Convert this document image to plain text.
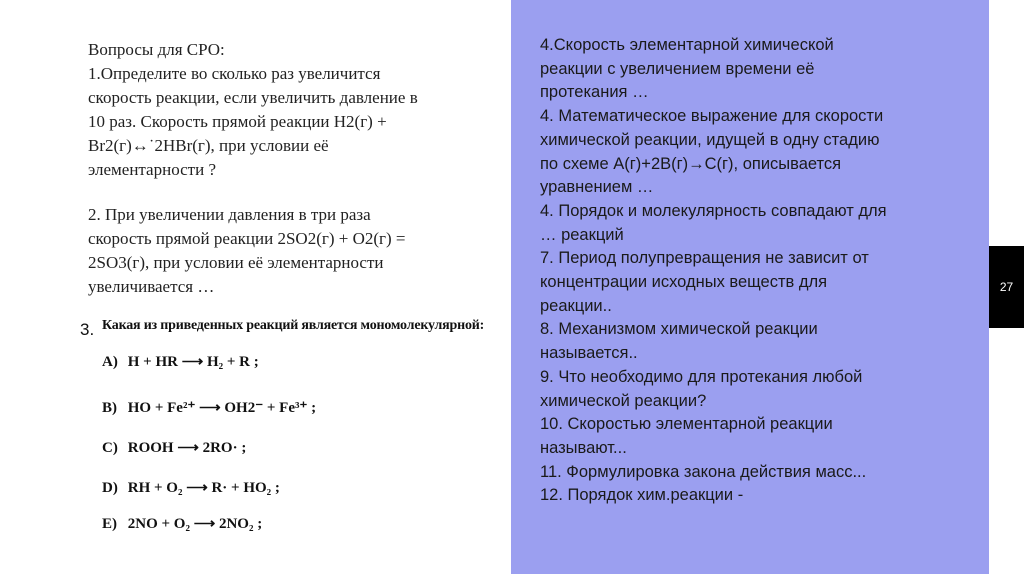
Вопросы для СРО:
1.Определите во сколько раз увеличится
скорость реакции, если увеличить давление в
10 раз. Скорость прямой реакции H2(г) +
Br2(г)↔˙2HBr(г), при условии её
элементарности ?
2. При увеличении давления в три раза
скорость прямой реакции 2SO2(г) + O2(г) =
2SO3(г), при условии её элементарности
увеличивается …
3. Какая из приведенных реакций является мономолекулярной:
A) H + HR ⟶ H₂ + R ;
B) HO + Fe²⁺ ⟶ OH2⁻ + Fe³⁺ ;
C) ROOH ⟶ 2RO· ;
D) RH + O₂ ⟶ R· + HO₂ ;
E) 2NO + O₂ ⟶ 2NO₂ ;
4.Скорость элементарной химической
реакции с увеличением времени её
протекания …
4. Математическое выражение для скорости
химической реакции, идущей в одну стадию
по схеме A(г)+2B(г)→C(г), описывается
уравнением …
4. Порядок и молекулярность совпадают для
… реакций
7. Период полупревращения не зависит от
концентрации исходных веществ для
реакции..
8. Механизмом химической реакции
называется..
9. Что необходимо для протекания любой
химической реакции?
10. Скоростью элементарной реакции
называют...
11. Формулировка закона действия масс...
12. Порядок хим.реакции -
27
